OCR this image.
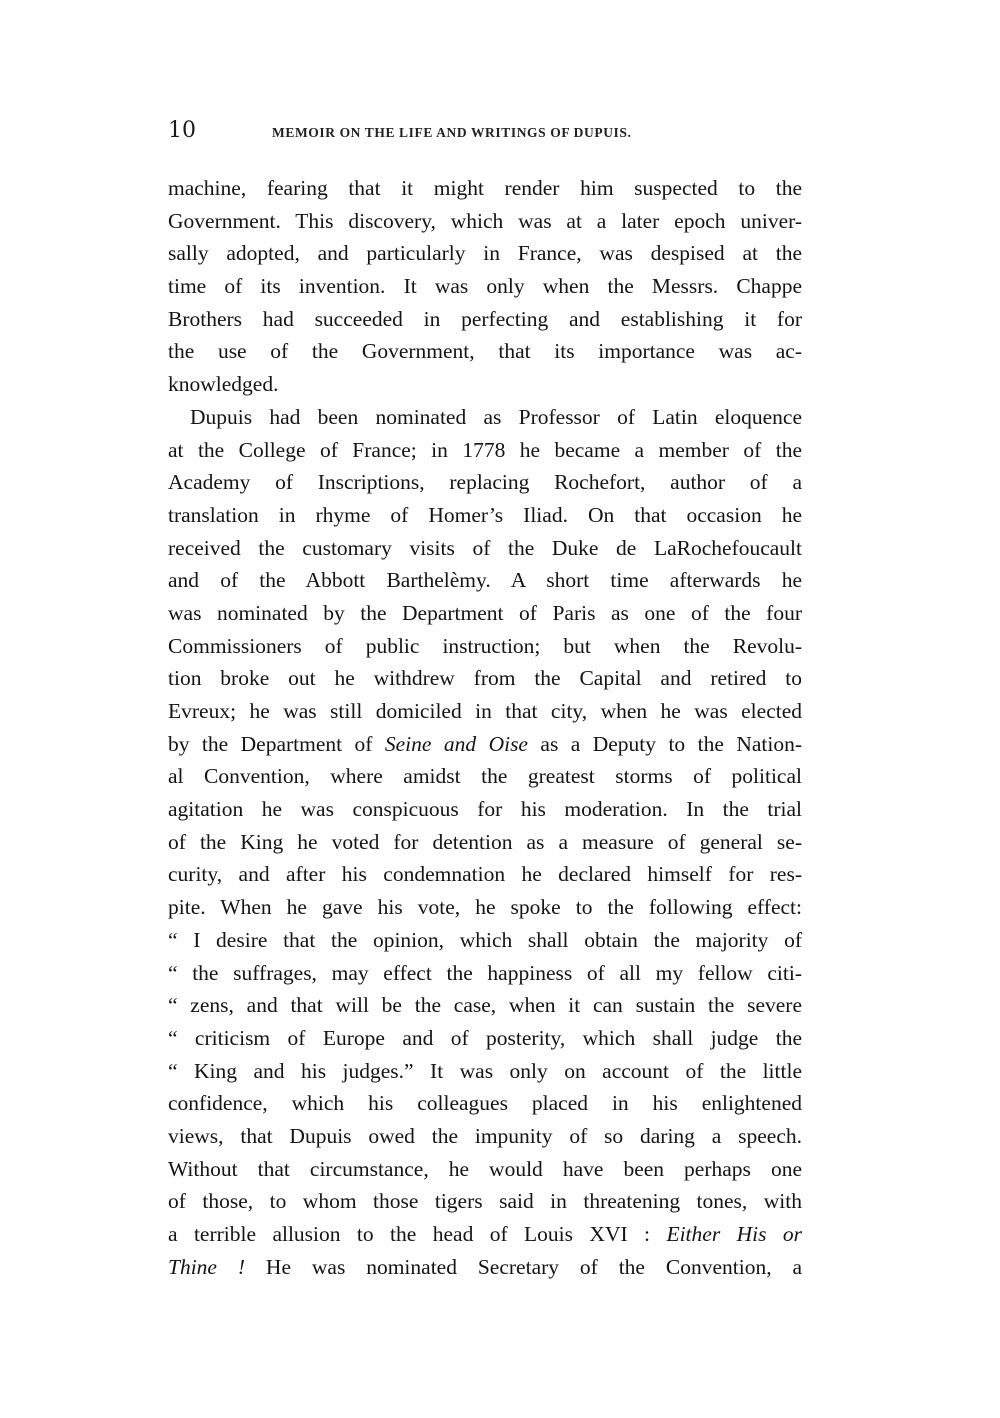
10	MEMOIR ON THE LIFE AND WRITINGS OF DUPUIS.
machine, fearing that it might render him suspected to the
Government. This discovery, which was at a later epoch univer-
sally adopted, and particularly in France, was despised at the
time of its invention. It was only when the Messrs. Chappe
Brothers had succeeded in perfecting and establishing it for
the use of the Government, that its importance was ac-
knowledged.
Dupuis had been nominated as Professor of Latin eloquence
at the College of France; in 1778 he became a member of the
Academy of Inscriptions, replacing Rochefort, author of a
translation in rhyme of Homer’s Iliad. On that occasion he
received the customary visits of the Duke de LaRochefoucault
and of the Abbott Barthelèmy. A short time afterwards he
was nominated by the Department of Paris as one of the four
Commissioners of public instruction; but when the Revolu-
tion broke out he withdrew from the Capital and retired to
Evreux; he was still domiciled in that city, when he was elected
by the Department of Seine and Oise as a Deputy to the Nation-
al Convention, where amidst the greatest storms of political
agitation he was conspicuous for his moderation. In the trial
of the King he voted for detention as a measure of general se-
curity, and after his condemnation he declared himself for res-
pite. When he gave his vote, he spoke to the following effect:
“ I desire that the opinion, which shall obtain the majority of
“ the suffrages, may effect the happiness of all my fellow citi-
“ zens, and that will be the case, when it can sustain the severe
“ criticism of Europe and of posterity, which shall judge the
“ King and his judges.” It was only on account of the little
confidence, which his colleagues placed in his enlightened
views, that Dupuis owed the impunity of so daring a speech.
Without that circumstance, he would have been perhaps one
of those, to whom those tigers said in threatening tones, with
a terrible allusion to the head of Louis XVI : Either His or
Thine ! He was nominated Secretary of the Convention, a
